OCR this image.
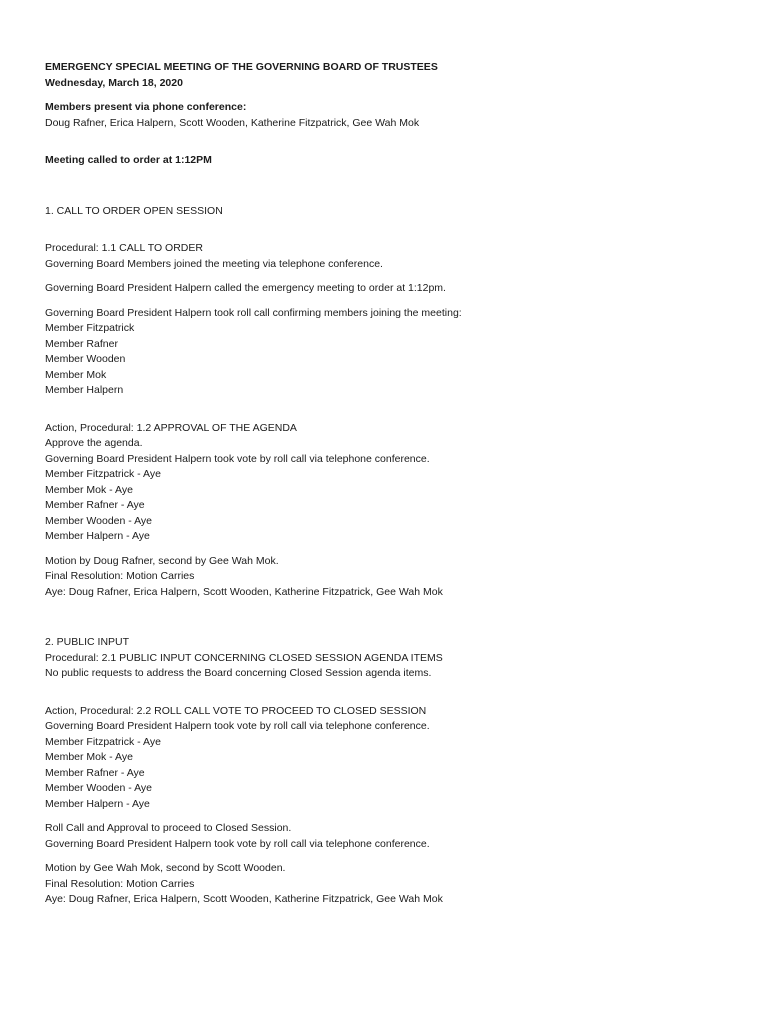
EMERGENCY SPECIAL MEETING OF THE GOVERNING BOARD OF TRUSTEES
Wednesday, March 18, 2020
Members present via phone conference:
Doug Rafner, Erica Halpern, Scott Wooden, Katherine Fitzpatrick, Gee Wah Mok
Meeting called to order at 1:12PM
1. CALL TO ORDER OPEN SESSION
Procedural: 1.1 CALL TO ORDER
Governing Board Members joined the meeting via telephone conference.
Governing Board President Halpern called the emergency meeting to order at 1:12pm.
Governing Board President Halpern took roll call confirming members joining the meeting:
Member Fitzpatrick
Member Rafner
Member Wooden
Member Mok
Member Halpern
Action, Procedural: 1.2 APPROVAL OF THE AGENDA
Approve the agenda.
Governing Board President Halpern took vote by roll call via telephone conference.
Member Fitzpatrick - Aye
Member Mok - Aye
Member Rafner - Aye
Member Wooden - Aye
Member Halpern - Aye
Motion by Doug Rafner, second by Gee Wah Mok.
Final Resolution: Motion Carries
Aye: Doug Rafner, Erica Halpern, Scott Wooden, Katherine Fitzpatrick, Gee Wah Mok
2. PUBLIC INPUT
Procedural: 2.1 PUBLIC INPUT CONCERNING CLOSED SESSION AGENDA ITEMS
No public requests to address the Board concerning Closed Session agenda items.
Action, Procedural: 2.2 ROLL CALL VOTE TO PROCEED TO CLOSED SESSION
Governing Board President Halpern took vote by roll call via telephone conference.
Member Fitzpatrick - Aye
Member Mok - Aye
Member Rafner - Aye
Member Wooden - Aye
Member Halpern - Aye
Roll Call and Approval to proceed to Closed Session.
Governing Board President Halpern took vote by roll call via telephone conference.
Motion by Gee Wah Mok, second by Scott Wooden.
Final Resolution: Motion Carries
Aye: Doug Rafner, Erica Halpern, Scott Wooden, Katherine Fitzpatrick, Gee Wah Mok
